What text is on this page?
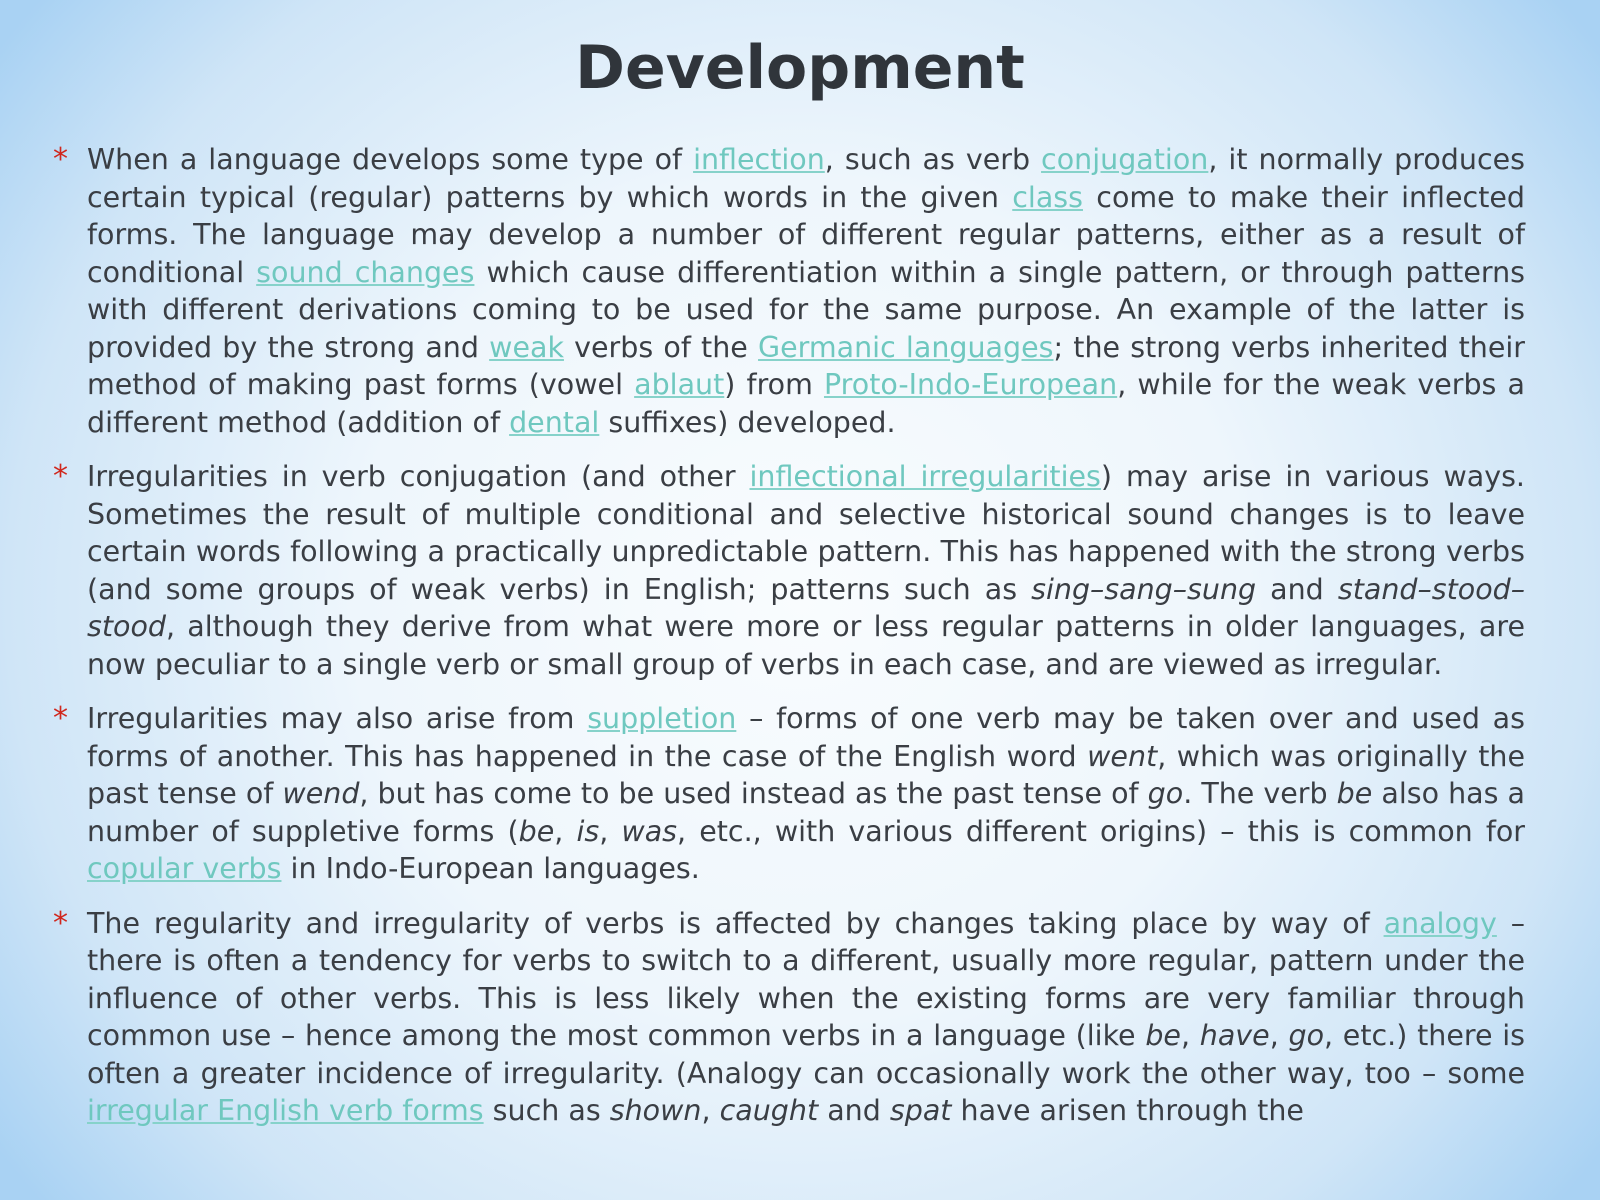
Development
* When a language develops some type of inflection, such as verb conjugation, it normally produces certain typical (regular) patterns by which words in the given class come to make their inflected forms. The language may develop a number of different regular patterns, either as a result of conditional sound changes which cause differentiation within a single pattern, or through patterns with different derivations coming to be used for the same purpose. An example of the latter is provided by the strong and weak verbs of the Germanic languages; the strong verbs inherited their method of making past forms (vowel ablaut) from Proto-Indo-European, while for the weak verbs a different method (addition of dental suffixes) developed.
* Irregularities in verb conjugation (and other inflectional irregularities) may arise in various ways. Sometimes the result of multiple conditional and selective historical sound changes is to leave certain words following a practically unpredictable pattern. This has happened with the strong verbs (and some groups of weak verbs) in English; patterns such as sing–sang–sung and stand–stood–stood, although they derive from what were more or less regular patterns in older languages, are now peculiar to a single verb or small group of verbs in each case, and are viewed as irregular.
* Irregularities may also arise from suppletion – forms of one verb may be taken over and used as forms of another. This has happened in the case of the English word went, which was originally the past tense of wend, but has come to be used instead as the past tense of go. The verb be also has a number of suppletive forms (be, is, was, etc., with various different origins) – this is common for copular verbs in Indo-European languages.
* The regularity and irregularity of verbs is affected by changes taking place by way of analogy – there is often a tendency for verbs to switch to a different, usually more regular, pattern under the influence of other verbs. This is less likely when the existing forms are very familiar through common use – hence among the most common verbs in a language (like be, have, go, etc.) there is often a greater incidence of irregularity. (Analogy can occasionally work the other way, too – some irregular English verb forms such as shown, caught and spat have arisen through the
